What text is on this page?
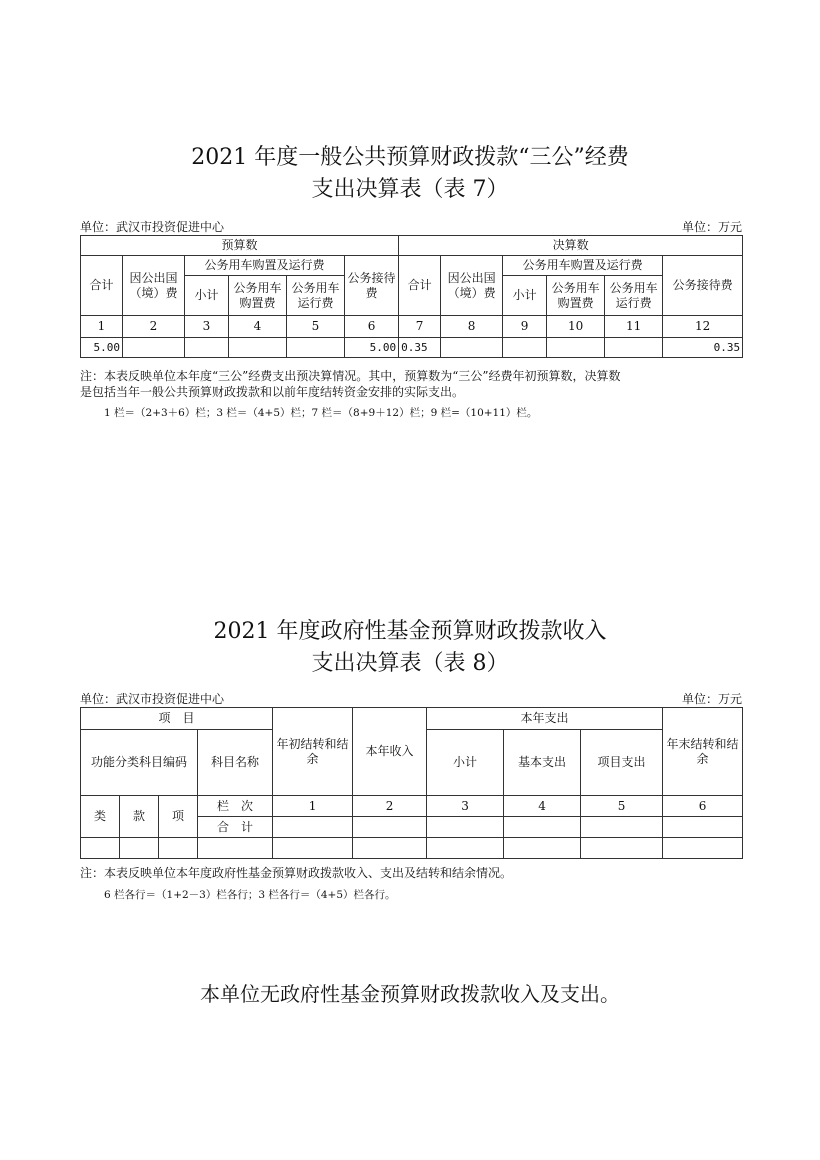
2021 年度一般公共预算财政拨款“三公”经费
支出决算表（表 7）
单位：武汉市投资促进中心	单位：万元
预算数						决算数					
合计	因公出国（境）费	公务用车购置及运行费			公务接待费	合计	因公出国（境）费	公务用车购置及运行费			公务接待费
		小计	公务用车购置费	公务用车运行费				小计	公务用车购置费	公务用车运行费	
1	2	3	4	5	6	7	8	9	10	11	12
5.00					5.00	0.35					0.35
注：本表反映单位本年度“三公”经费支出预决算情况。其中，预算数为“三公”经费年初预算数，决算数
是包括当年一般公共预算财政拨款和以前年度结转资金安排的实际支出。
1 栏＝（2+3＋6）栏；3 栏＝（4+5）栏；7 栏＝（8+9＋12）栏；9 栏=（10+11）栏。
2021 年度政府性基金预算财政拨款收入
支出决算表（表 8）
单位：武汉市投资促进中心	单位：万元
项　目				年初结转和结余	本年收入	本年支出			年末结转和结余
功能分类科目编码			科目名称			小计	基本支出	项目支出	

类	款	项	栏　次	1	2	3	4	5	6
			合　计						

注：本表反映单位本年度政府性基金预算财政拨款收入、支出及结转和结余情况。
6 栏各行＝（1+2－3）栏各行；3 栏各行＝（4+5）栏各行。
本单位无政府性基金预算财政拨款收入及支出。
